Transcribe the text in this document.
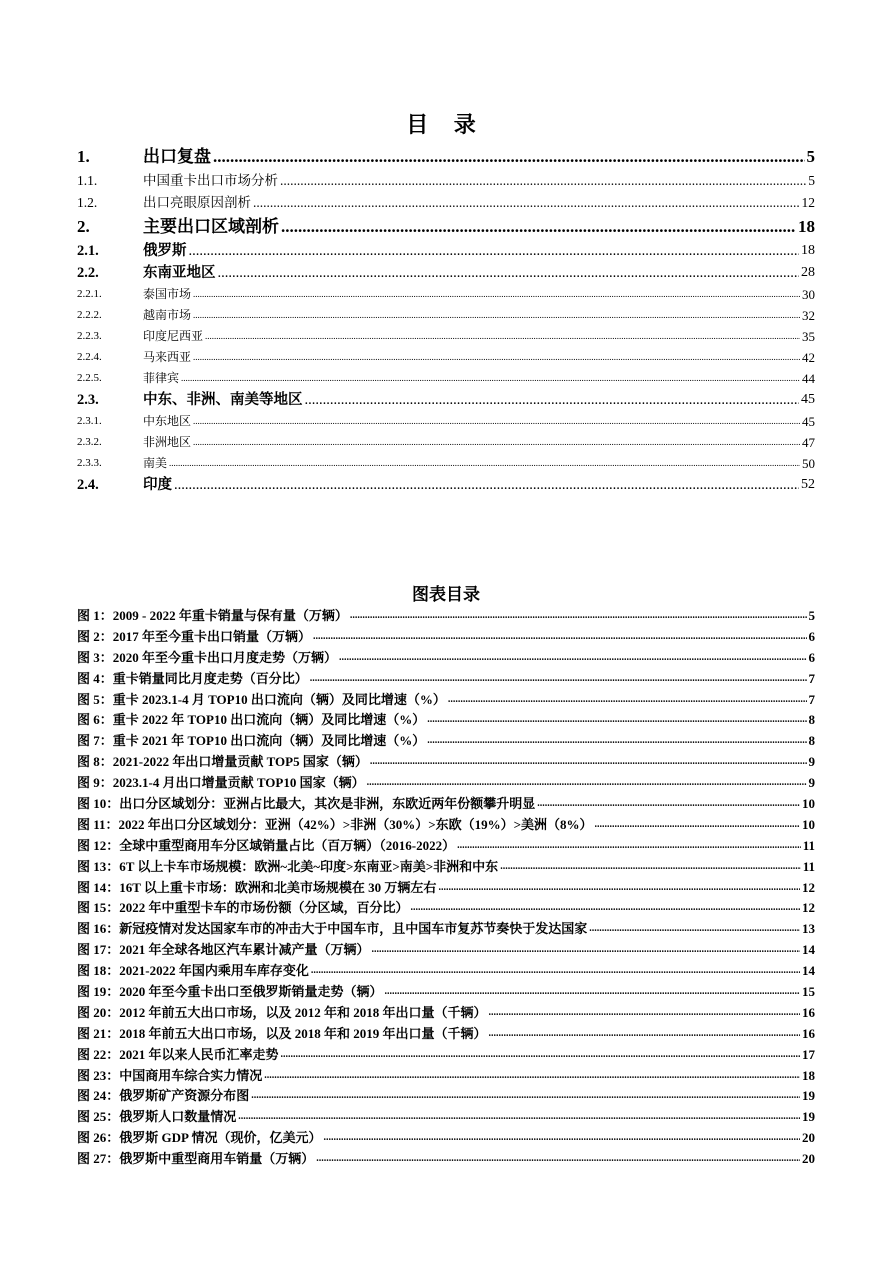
目 录
1.	出口复盘 .....	5
1.1.	中国重卡出口市场分析 .....	5
1.2.	出口亮眼原因剖析 .....	12
2.	主要出口区域剖析 .....	18
2.1.	俄罗斯 .....	18
2.2.	东南亚地区 .....	28
2.2.1.	泰国市场 .....	30
2.2.2.	越南市场 .....	32
2.2.3.	印度尼西亚 .....	35
2.2.4.	马来西亚 .....	42
2.2.5.	菲律宾 .....	44
2.3.	中东、非洲、南美等地区 .....	45
2.3.1.	中东地区 .....	45
2.3.2.	非洲地区 .....	47
2.3.3.	南美 .....	50
2.4.	印度 .....	52
图表目录
图 1：2009 - 2022 年重卡销量与保有量（万辆） .....	5
图 2：2017 年至今重卡出口销量（万辆） .....	6
图 3：2020 年至今重卡出口月度走势（万辆） .....	6
图 4：重卡销量同比月度走势（百分比） .....	7
图 5：重卡 2023.1-4 月 TOP10 出口流向（辆）及同比增速（%） .....	7
图 6：重卡 2022 年 TOP10 出口流向（辆）及同比增速（%） .....	8
图 7：重卡 2021 年 TOP10 出口流向（辆）及同比增速（%） .....	8
图 8：2021-2022 年出口增量贡献 TOP5 国家（辆） .....	9
图 9：2023.1-4 月出口增量贡献 TOP10 国家（辆） .....	9
图 10：出口分区域划分：亚洲占比最大，其次是非洲，东欧近两年份额攀升明显 .....	10
图 11：2022 年出口分区域划分：亚洲（42%）>非洲（30%）>东欧（19%）>美洲（8%） .....	10
图 12：全球中重型商用车分区域销量占比（百万辆）（2016-2022） .....	11
图 13：6T 以上卡车市场规模：欧洲~北美~印度>东南亚>南美>非洲和中东 .....	11
图 14：16T 以上重卡市场：欧洲和北美市场规模在 30 万辆左右 .....	12
图 15：2022 年中重型卡车的市场份额（分区域，百分比） .....	12
图 16：新冠疫情对发达国家车市的冲击大于中国车市，且中国车市复苏节奏快于发达国家 .....	13
图 17：2021 年全球各地区汽车累计减产量（万辆） .....	14
图 18：2021-2022 年国内乘用车库存变化 .....	14
图 19：2020 年至今重卡出口至俄罗斯销量走势（辆） .....	15
图 20：2012 年前五大出口市场，以及 2012 年和 2018 年出口量（千辆） .....	16
图 21：2018 年前五大出口市场，以及 2018 年和 2019 年出口量（千辆） .....	16
图 22：2021 年以来人民币汇率走势 .....	17
图 23：中国商用车综合实力情况 .....	18
图 24：俄罗斯矿产资源分布图 .....	19
图 25：俄罗斯人口数量情况 .....	19
图 26：俄罗斯 GDP 情况（现价，亿美元） .....	20
图 27：俄罗斯中重型商用车销量（万辆） .....	20
